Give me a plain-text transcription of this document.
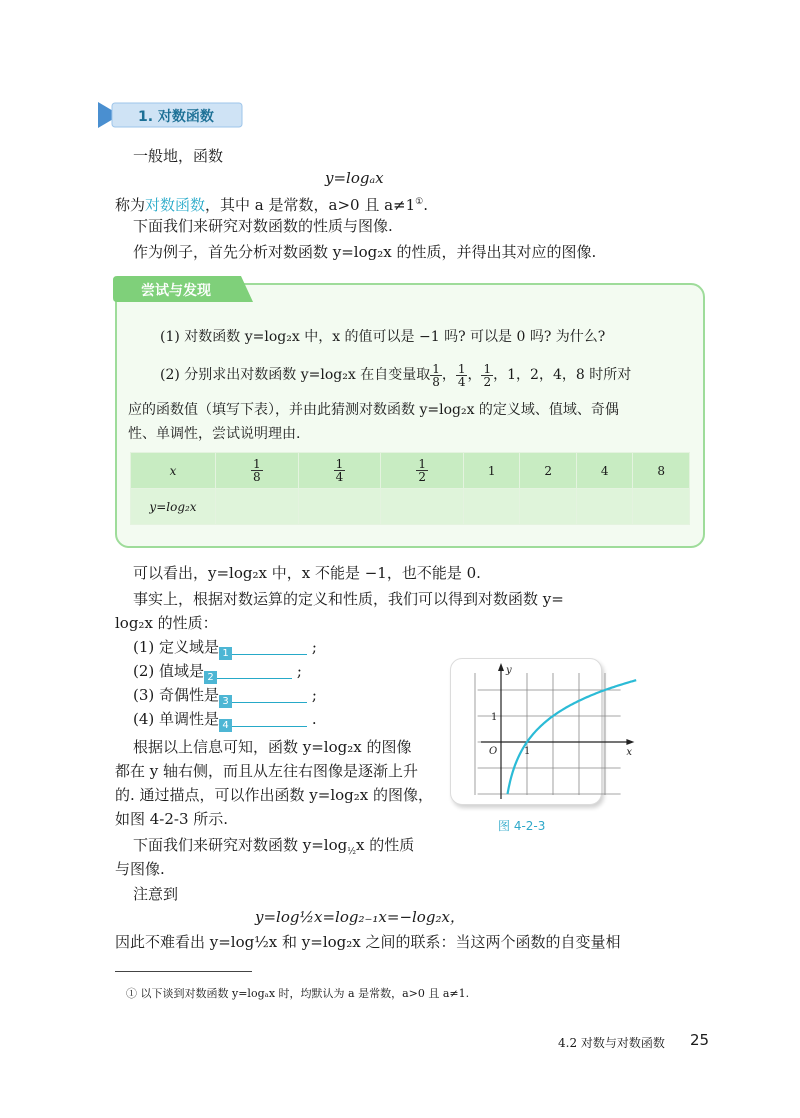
1. 对数函数
一般地，函数
y=logₐx
称为对数函数，其中 a 是常数，a>0 且 a≠1①.
下面我们来研究对数函数的性质与图像.
作为例子，首先分析对数函数 y=log₂x 的性质，并得出其对应的图像.
尝试与发现
(1) 对数函数 y=log₂x 中，x 的值可以是 −1 吗? 可以是 0 吗? 为什么?
(2) 分别求出对数函数 y=log₂x 在自变量取 $\frac{1}{8}$ ， $\frac{1}{4}$ ， $\frac{1}{2}$ ，1，2，4，8 时所对
应的函数值（填写下表），并由此猜测对数函数 y=log₂x 的定义域、值域、奇偶
性、单调性，尝试说明理由.
x	$\frac{1}{8}$	$\frac{1}{4}$	$\frac{1}{2}$	1	2	4	8
y=log₂x							
可以看出，y=log₂x 中，x 不能是 −1，也不能是 0.
事实上，根据对数运算的定义和性质，我们可以得到对数函数 y=
log₂x 的性质：
(1) 定义域是 1	;
(2) 值域是 2	;
(3) 奇偶性是 3	;
(4) 单调性是 4	.
根据以上信息可知，函数 y=log₂x 的图像
都在 y 轴右侧，而且从左往右图像是逐渐上升
的. 通过描点，可以作出函数 y=log₂x 的图像，
如图 4-2-3 所示.
下面我们来研究对数函数 $y=\log_{\frac{1}{2}}x$ 的性质
与图像.
注意到
y=log½x=log₂₋₁x=−log₂x，
因此不难看出 y=log½x 和 y=log₂x 之间的联系：当这两个函数的自变量相
y
x
O	1
1
图 4-2-3
① 以下谈到对数函数 y=logₐx 时，均默认为 a 是常数，a>0 且 a≠1.
4.2 对数与对数函数 25
